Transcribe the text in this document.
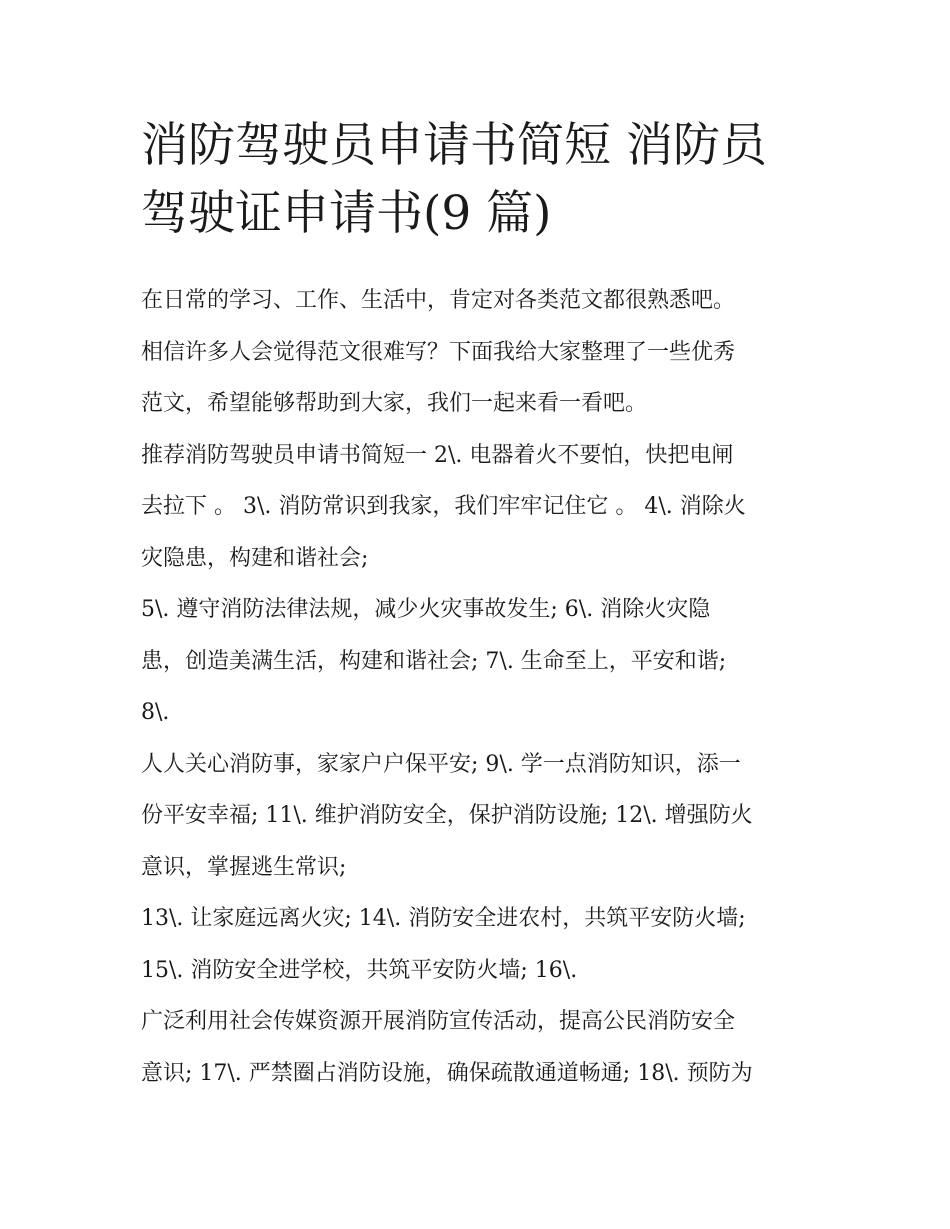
消防驾驶员申请书简短 消防员
驾驶证申请书(9 篇)
在日常的学习、工作、生活中，肯定对各类范文都很熟悉吧。
相信许多人会觉得范文很难写？下面我给大家整理了一些优秀
范文，希望能够帮助到大家，我们一起来看一看吧。
推荐消防驾驶员申请书简短一 2\. 电器着火不要怕，快把电闸
去拉下 。 3\. 消防常识到我家，我们牢牢记住它 。 4\. 消除火
灾隐患，构建和谐社会;
5\. 遵守消防法律法规，减少火灾事故发生; 6\. 消除火灾隐
患，创造美满生活，构建和谐社会; 7\. 生命至上，平安和谐;
8\.
人人关心消防事，家家户户保平安; 9\. 学一点消防知识，添一
份平安幸福; 11\. 维护消防安全，保护消防设施; 12\. 增强防火
意识，掌握逃生常识;
13\. 让家庭远离火灾; 14\. 消防安全进农村，共筑平安防火墙;
15\. 消防安全进学校，共筑平安防火墙; 16\.
广泛利用社会传媒资源开展消防宣传活动，提高公民消防安全
意识; 17\. 严禁圈占消防设施，确保疏散通道畅通; 18\. 预防为
